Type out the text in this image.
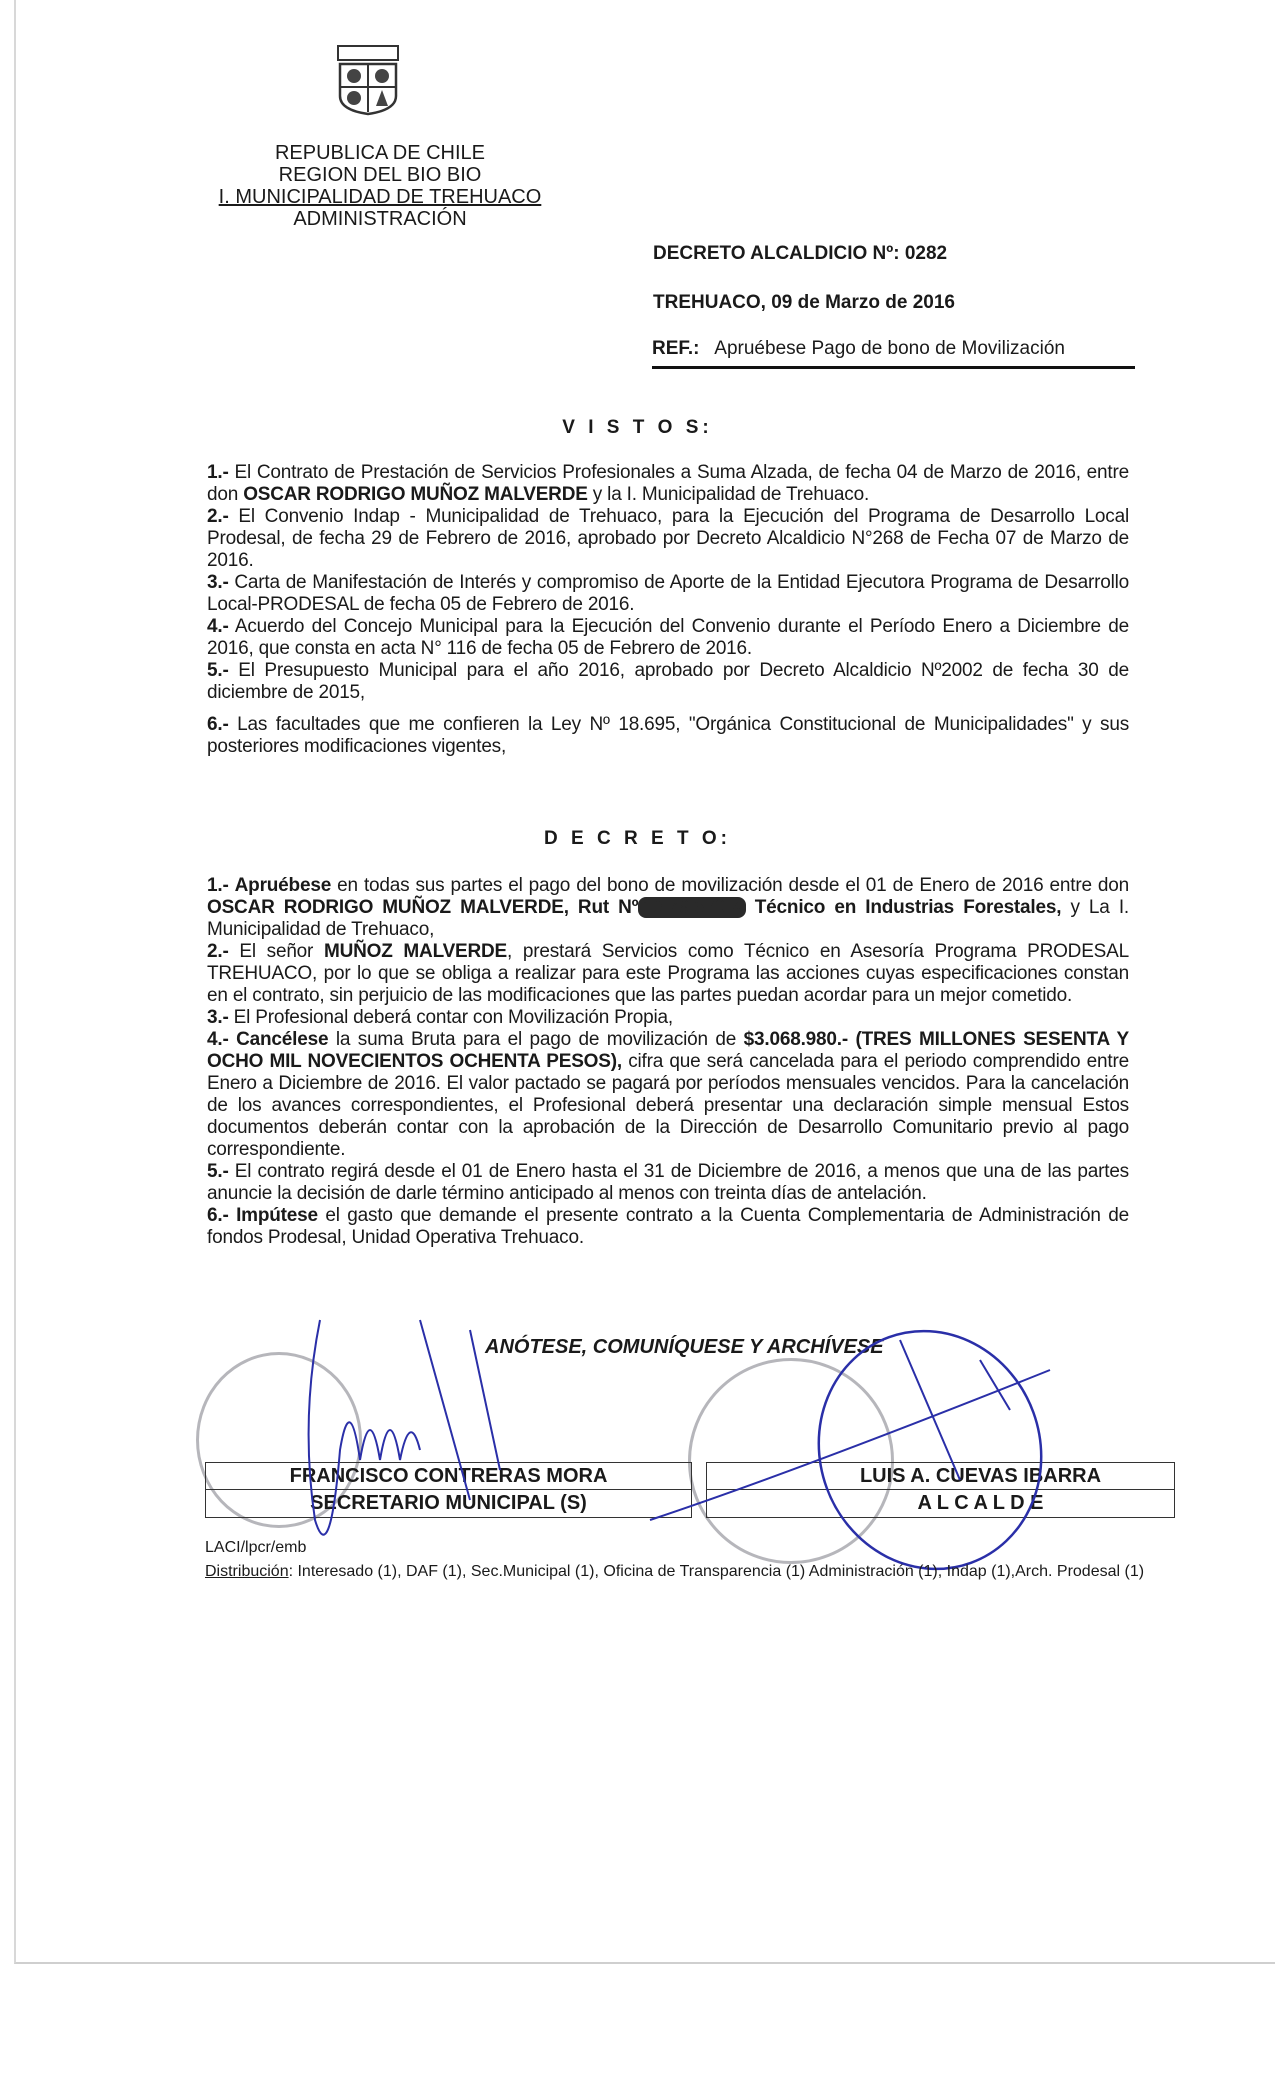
REPUBLICA DE CHILE
REGION DEL BIO BIO
I. MUNICIPALIDAD DE TREHUACO
ADMINISTRACIÓN
DECRETO ALCALDICIO Nº: 0282
TREHUACO, 09 de Marzo de 2016
REF.: Apruébese Pago de bono de Movilización
V I S T O S:

1.- El Contrato de Prestación de Servicios Profesionales a Suma Alzada, de fecha 04 de Marzo de 2016, entre don OSCAR RODRIGO MUÑOZ MALVERDE y la I. Municipalidad de Trehuaco.

2.- El Convenio Indap - Municipalidad de Trehuaco, para la Ejecución del Programa de Desarrollo Local Prodesal, de fecha 29 de Febrero de 2016, aprobado por Decreto Alcaldicio N°268 de Fecha 07 de Marzo de 2016.

3.- Carta de Manifestación de Interés y compromiso de Aporte de la Entidad Ejecutora Programa de Desarrollo Local-PRODESAL de fecha 05 de Febrero de 2016.

4.- Acuerdo del Concejo Municipal para la Ejecución del Convenio durante el Período Enero a Diciembre de 2016, que consta en acta N° 116 de fecha 05 de Febrero de 2016.

5.- El Presupuesto Municipal para el año 2016, aprobado por Decreto Alcaldicio Nº2002 de fecha 30 de diciembre de 2015,

6.- Las facultades que me confieren la Ley Nº 18.695, "Orgánica Constitucional de Municipalidades" y sus posteriores modificaciones vigentes,

D E C R E T O:

1.- Apruébese en todas sus partes el pago del bono de movilización desde el 01 de Enero de 2016 entre don OSCAR RODRIGO MUÑOZ MALVERDE, Rut Nº 13.79.670-4 Técnico en Industrias Forestales, y La I. Municipalidad de Trehuaco,

2.- El señor MUÑOZ MALVERDE, prestará Servicios como Técnico en Asesoría Programa PRODESAL TREHUACO, por lo que se obliga a realizar para este Programa las acciones cuyas especificaciones constan en el contrato, sin perjuicio de las modificaciones que las partes puedan acordar para un mejor cometido.

3.- El Profesional deberá contar con Movilización Propia,

4.- Cancélese la suma Bruta para el pago de movilización de $3.068.980.- (TRES MILLONES SESENTA Y OCHO MIL NOVECIENTOS OCHENTA PESOS), cifra que será cancelada para el periodo comprendido entre Enero a Diciembre de 2016. El valor pactado se pagará por períodos mensuales vencidos. Para la cancelación de los avances correspondientes, el Profesional deberá presentar una declaración simple mensual Estos documentos deberán contar con la aprobación de la Dirección de Desarrollo Comunitario previo al pago correspondiente.

5.- El contrato regirá desde el 01 de Enero hasta el 31 de Diciembre de 2016, a menos que una de las partes anuncie la decisión de darle término anticipado al menos con treinta días de antelación.

6.- Impútese el gasto que demande el presente contrato a la Cuenta Complementaria de Administración de fondos Prodesal, Unidad Operativa Trehuaco.

ANÓTESE, COMUNÍQUESE Y ARCHÍVESE
FRANCISCO CONTRERAS MORA
SECRETARIO MUNICIPAL (S)
LUIS A. CUEVAS IBARRA
A L C A L D E
LACI/lpcr/emb
Distribución: Interesado (1), DAF (1), Sec.Municipal (1), Oficina de Transparencia (1) Administración (1), Indap (1),Arch. Prodesal (1)
